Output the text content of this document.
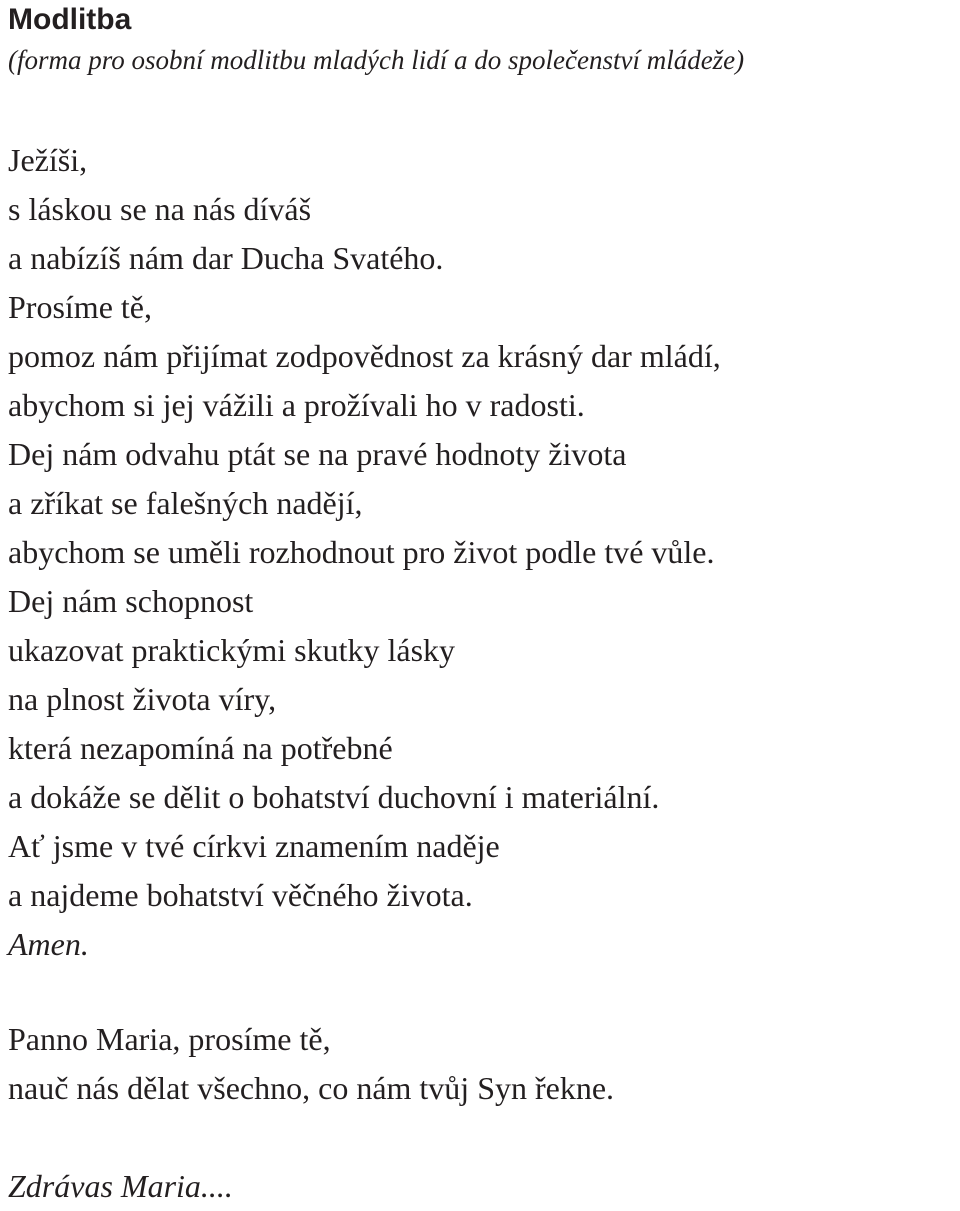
Modlitba

(forma pro osobní modlitbu mladých lidí a do společenství mládeže)

Ježíši,
s láskou se na nás díváš
a nabízíš nám dar Ducha Svatého.
Prosíme tě,
pomoz nám přijímat zodpovědnost za krásný dar mládí,
abychom si jej vážili a prožívali ho v radosti.
Dej nám odvahu ptát se na pravé hodnoty života
a zříkat se falešných nadějí,
abychom se uměli rozhodnout pro život podle tvé vůle.
Dej nám schopnost
ukazovat praktickými skutky lásky
na plnost života víry,
která nezapomíná na potřebné
a dokáže se dělit o bohatství duchovní i materiální.
Ať jsme v tvé církvi znamením naděje
a najdeme bohatství věčného života.
Amen.
Panno Maria, prosíme tě,
nauč nás dělat všechno, co nám tvůj Syn řekne.
Zdrávas Maria....
